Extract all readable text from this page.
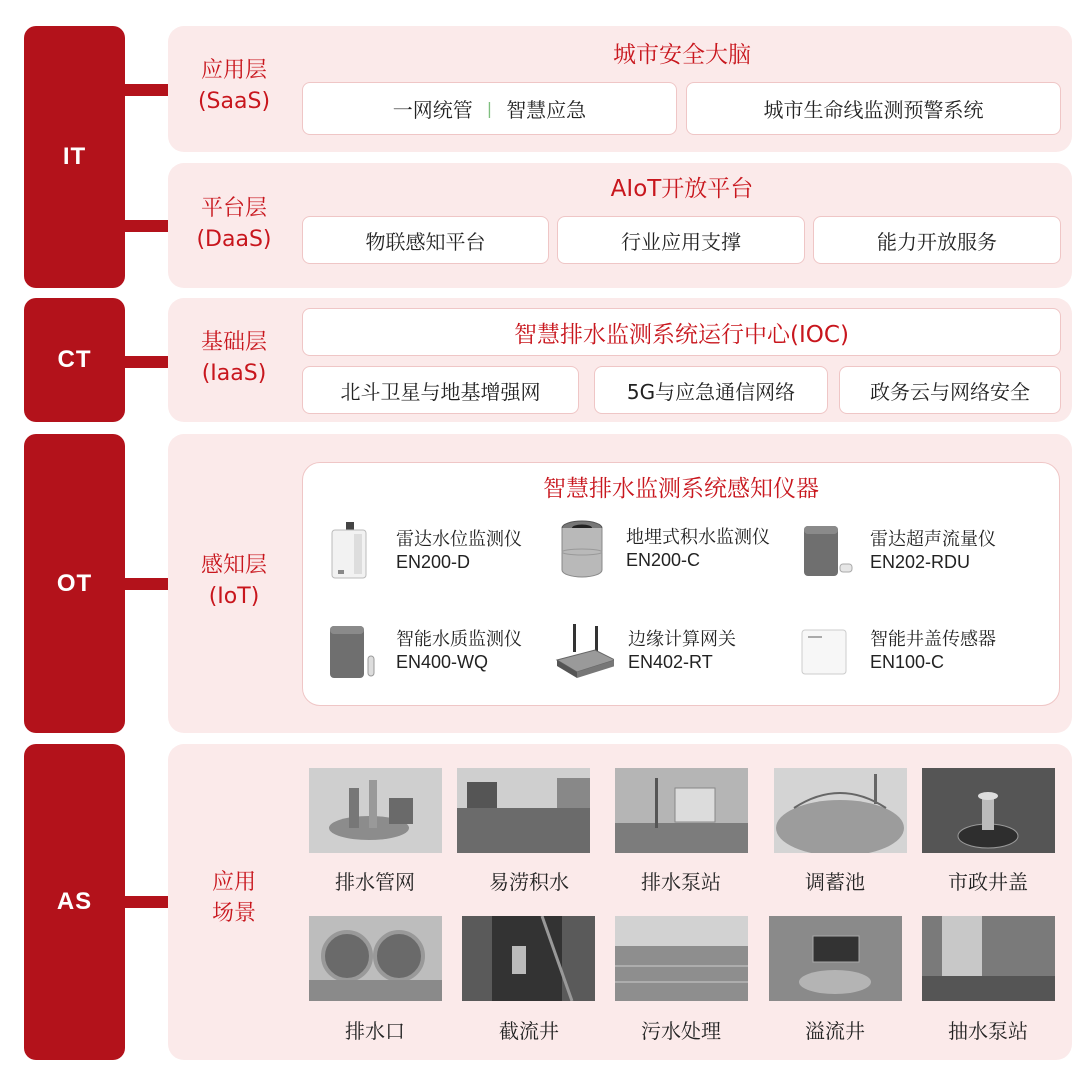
IT
CT
OT
AS
应用层
(SaaS)
城市安全大脑
一网统管 | 智慧应急	城市生命线监测预警系统
平台层
(DaaS)
AIoT开放平台
物联感知平台	行业应用支撑	能力开放服务
基础层
(IaaS)
智慧排水监测系统运行中心(IOC)
北斗卫星与地基增强网	5G与应急通信网络	政务云与网络安全
感知层
(IoT)
智慧排水监测系统感知仪器
雷达水位监测仪
EN200-D
地埋式积水监测仪
EN200-C
雷达超声流量仪
EN202-RDU
智能水质监测仪
EN400-WQ
边缘计算网关
EN402-RT
智能井盖传感器
EN100-C
应用
场景
排水管网	易涝积水	排水泵站	调蓄池	市政井盖
排水口	截流井	污水处理	溢流井	抽水泵站
